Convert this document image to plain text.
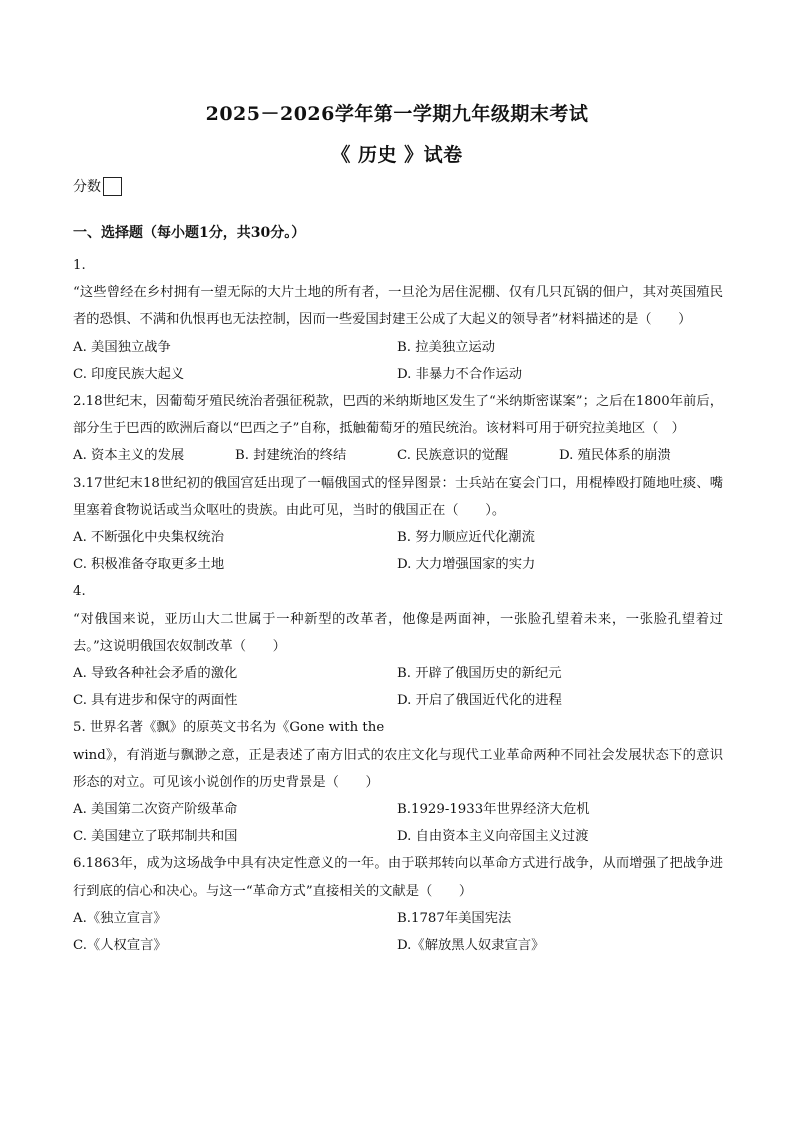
2025－2026学年第一学期九年级期末考试
《 历史 》试卷
分数
一、选择题（每小题1分，共30分。）

1.

“这些曾经在乡村拥有一望无际的大片土地的所有者，一旦沦为居住泥棚、仅有几只瓦锅的佃户，其对英国殖民者的恐惧、不满和仇恨再也无法控制，因而一些爱国封建王公成了大起义的领导者”材料描述的是（　　）

A. 美国独立战争	B. 拉美独立运动
C. 印度民族大起义	D. 非暴力不合作运动

2.18世纪末，因葡萄牙殖民统治者强征税款，巴西的米纳斯地区发生了“米纳斯密谋案”；之后在1800年前后，部分生于巴西的欧洲后裔以“巴西之子”自称，抵触葡萄牙的殖民统治。该材料可用于研究拉美地区（　）

A. 资本主义的发展	B. 封建统治的终结	C. 民族意识的觉醒	D. 殖民体系的崩溃

3.17世纪末18世纪初的俄国宫廷出现了一幅俄国式的怪异图景：士兵站在宴会门口，用棍棒殴打随地吐痰、嘴里塞着食物说话或当众呕吐的贵族。由此可见，当时的俄国正在（　　）。

A. 不断强化中央集权统治	B. 努力顺应近代化潮流
C. 积极准备夺取更多土地	D. 大力增强国家的实力

4.

“对俄国来说，亚历山大二世属于一种新型的改革者，他像是两面神，一张脸孔望着未来，一张脸孔望着过去。”这说明俄国农奴制改革（　　）

A. 导致各种社会矛盾的激化	B. 开辟了俄国历史的新纪元
C. 具有进步和保守的两面性	D. 开启了俄国近代化的进程

5. 世界名著《飘》的原英文书名为《Gone with the

wind》，有消逝与飘渺之意，正是表述了南方旧式的农庄文化与现代工业革命两种不同社会发展状态下的意识形态的对立。可见该小说创作的历史背景是（　　）

A. 美国第二次资产阶级革命	B.1929-1933年世界经济大危机
C. 美国建立了联邦制共和国	D. 自由资本主义向帝国主义过渡

6.1863年，成为这场战争中具有决定性意义的一年。由于联邦转向以革命方式进行战争，从而增强了把战争进行到底的信心和决心。与这一“革命方式”直接相关的文献是（　　）

A.《独立宣言》	B.1787年美国宪法
C.《人权宣言》	D.《解放黑人奴隶宣言》
